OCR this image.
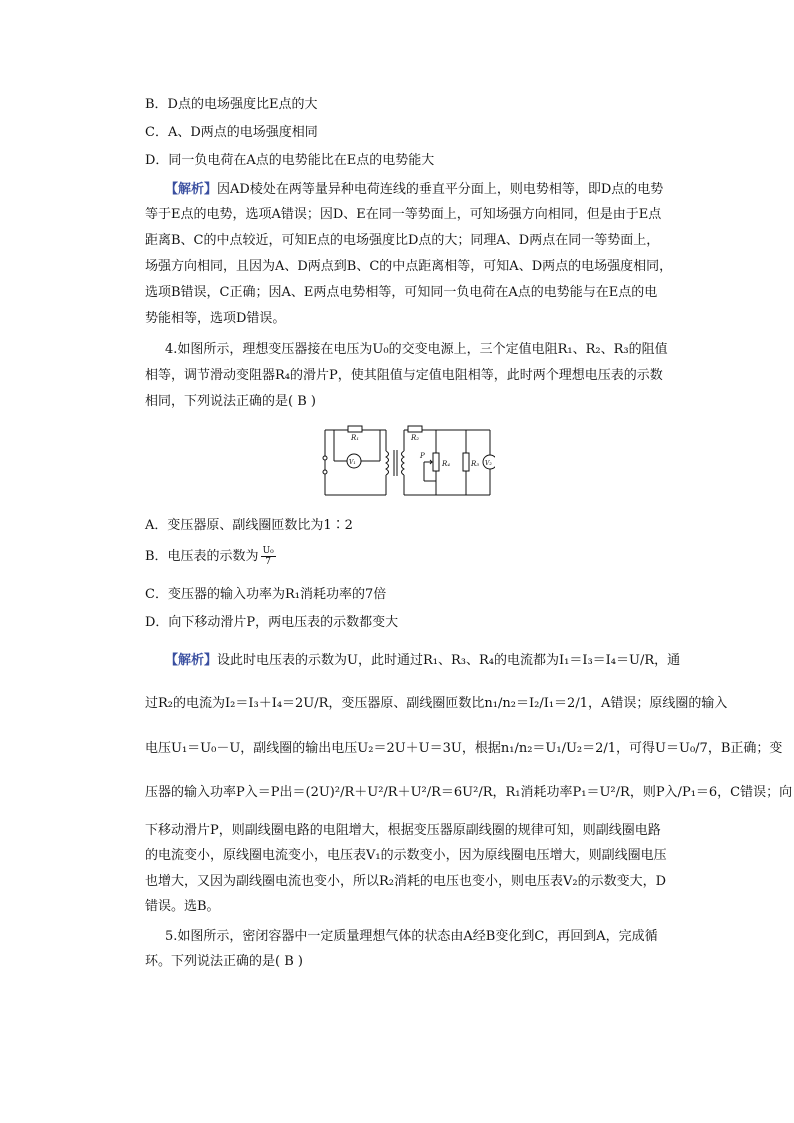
B．D点的电场强度比E点的大
C．A、D两点的电场强度相同
D．同一负电荷在A点的电势能比在E点的电势能大
【解析】因AD棱处在两等量异种电荷连线的垂直平分面上，则电势相等，即D点的电势
等于E点的电势，选项A错误；因D、E在同一等势面上，可知场强方向相同，但是由于E点
距离B、C的中点较近，可知E点的电场强度比D点的大；同理A、D两点在同一等势面上，
场强方向相同，且因为A、D两点到B、C的中点距离相等，可知A、D两点的电场强度相同，
选项B错误，C正确；因A、E两点电势相等，可知同一负电荷在A点的电势能与在E点的电
势能相等，选项D错误。
4.如图所示，理想变压器接在电压为U₀的交变电源上，三个定值电阻R₁、R₂、R₃的阻值
相等，调节滑动变阻器R₄的滑片P，使其阻值与定值电阻相等，此时两个理想电压表的示数
相同，下列说法正确的是( B )
R₁
V₁
R₂
P
R₄	R₃ V₂
A．变压器原、副线圈匝数比为1∶2
B．电压表的示数为 $\frac{\text{U₀}}{7}$
C．变压器的输入功率为R₁消耗功率的7倍
D．向下移动滑片P，两电压表的示数都变大
【解析】设此时电压表的示数为U，此时通过R₁、R₃、R₄的电流都为I₁＝I₃＝I₄＝U/R，通
过R₂的电流为I₂＝I₃＋I₄＝2U/R，变压器原、副线圈匝数比n₁/n₂＝I₂/I₁＝2/1，A错误；原线圈的输入
电压U₁＝U₀－U，副线圈的输出电压U₂＝2U＋U＝3U，根据n₁/n₂＝U₁/U₂＝2/1，可得U＝U₀/7，B正确；变
压器的输入功率P入＝P出＝(2U)²/R＋U²/R＋U²/R＝6U²/R，R₁消耗功率P₁＝U²/R，则P入/P₁＝6，C错误；向
下移动滑片P，则副线圈电路的电阻增大，根据变压器原副线圈的规律可知，则副线圈电路
的电流变小，原线圈电流变小，电压表V₁的示数变小，因为原线圈电压增大，则副线圈电压
也增大，又因为副线圈电流也变小，所以R₂消耗的电压也变小，则电压表V₂的示数变大，D
错误。选B。
5.如图所示，密闭容器中一定质量理想气体的状态由A经B变化到C，再回到A，完成循
环。下列说法正确的是( B )
